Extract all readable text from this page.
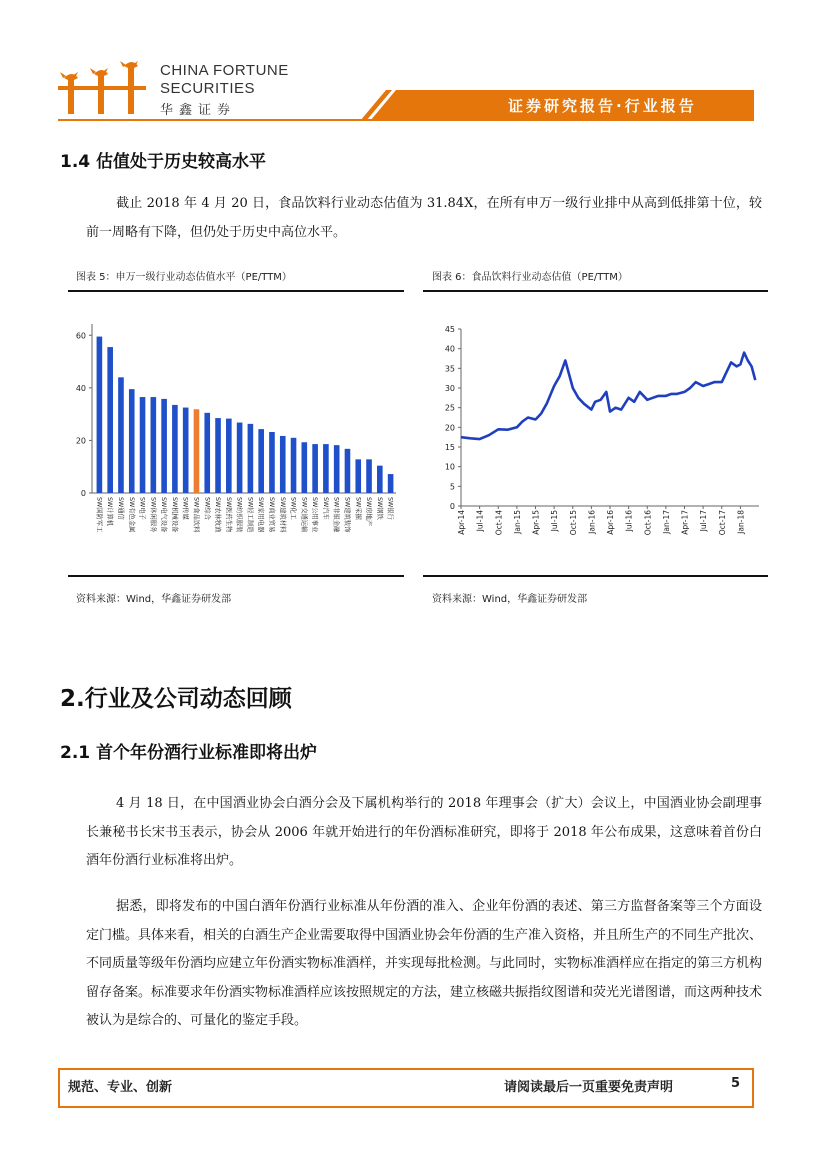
CHINA FORTUNE
SECURITIES
华鑫证券	证券研究报告·行业报告
1.4 估值处于历史较高水平
截止 2018 年 4 月 20 日，食品饮料行业动态估值为 31.84X，在所有申万一级行业排中从高到低排第十位，较前一周略有下降，但仍处于历史中高位水平。
图表 5：申万一级行业动态估值水平（PE/TTM）
0
20
40
60
SW国防军工 SW计算机 SW通信 SW有色金属 SW电子 SW休闲服务 SW电气设备 SW机械设备 SW传媒 SW食品饮料 SW综合 SW农林牧渔 SW医药生物 SW纺织服装 SW轻工制造 SW家用电器 SW商业贸易 SW建筑材料 SW化工 SW交通运输 SW公用事业 SW汽车 SW非银金融 SW建筑装饰 SW采掘 SW房地产 SW钢铁 SW银行
资料来源：Wind，华鑫证券研发部
图表 6：食品饮料行业动态估值（PE/TTM）
0
5
10
15
20
25
30
35
40
45
Apr-14 Jul-14 Oct-14 Jan-15 Apr-15 Jul-15 Oct-15 Jan-16 Apr-16 Jul-16 Oct-16 Jan-17 Apr-17 Jul-17 Oct-17 Jan-18
资料来源：Wind，华鑫证券研发部
2.行业及公司动态回顾
2.1 首个年份酒行业标准即将出炉
4 月 18 日，在中国酒业协会白酒分会及下属机构举行的 2018 年理事会（扩大）会议上，中国酒业协会副理事长兼秘书长宋书玉表示，协会从 2006 年就开始进行的年份酒标准研究，即将于 2018 年公布成果，这意味着首份白酒年份酒行业标准将出炉。
据悉，即将发布的中国白酒年份酒行业标准从年份酒的准入、企业年份酒的表述、第三方监督备案等三个方面设定门槛。具体来看，相关的白酒生产企业需要取得中国酒业协会年份酒的生产准入资格，并且所生产的不同生产批次、不同质量等级年份酒均应建立年份酒实物标准酒样，并实现每批检测。与此同时，实物标准酒样应在指定的第三方机构留存备案。标准要求年份酒实物标准酒样应该按照规定的方法，建立核磁共振指纹图谱和荧光光谱图谱，而这两种技术被认为是综合的、可量化的鉴定手段。
规范、专业、创新	请阅读最后一页重要免责声明	5
